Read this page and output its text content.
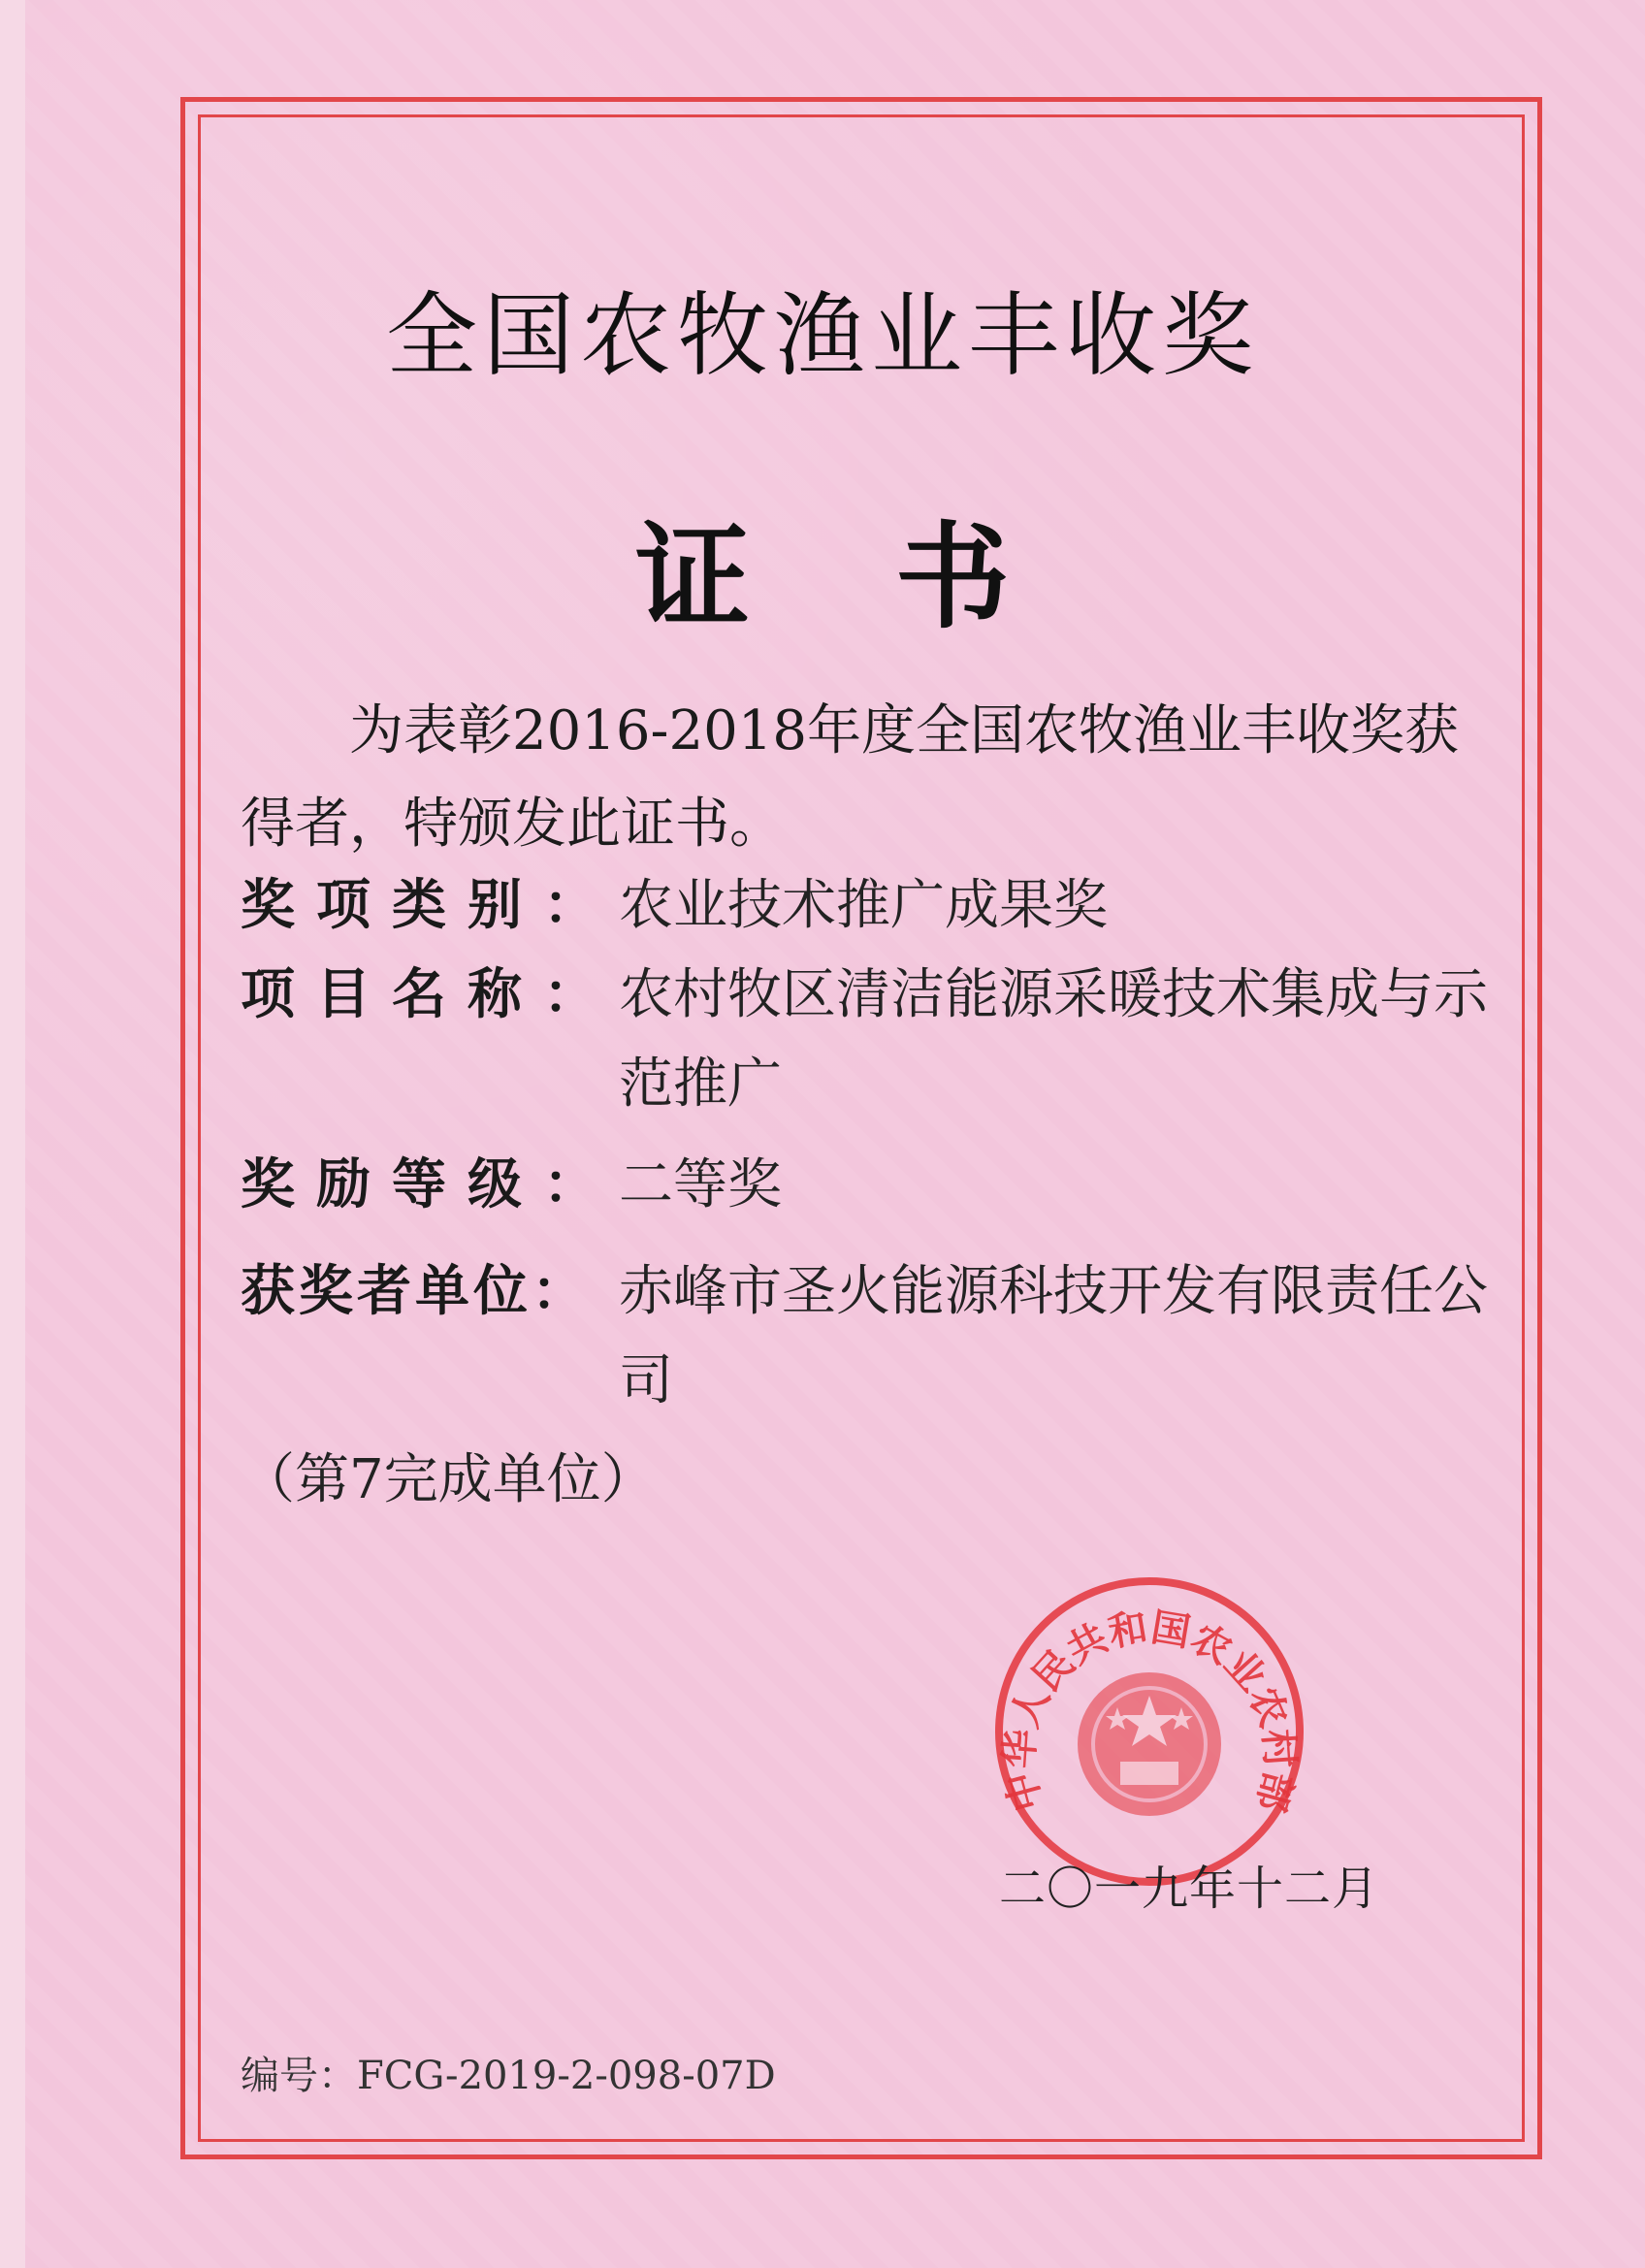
全国农牧渔业丰收奖
证书
为表彰2016-2018年度全国农牧渔业丰收奖获得者，特颁发此证书。
奖项类别： 农业技术推广成果奖
项目名称： 农村牧区清洁能源采暖技术集成与示范推广
奖励等级： 二等奖
获奖者单位： 赤峰市圣火能源科技开发有限责任公司
（第7完成单位）
中华人民共和国农业农村部
二〇一九年十二月
编号：FCG-2019-2-098-07D
